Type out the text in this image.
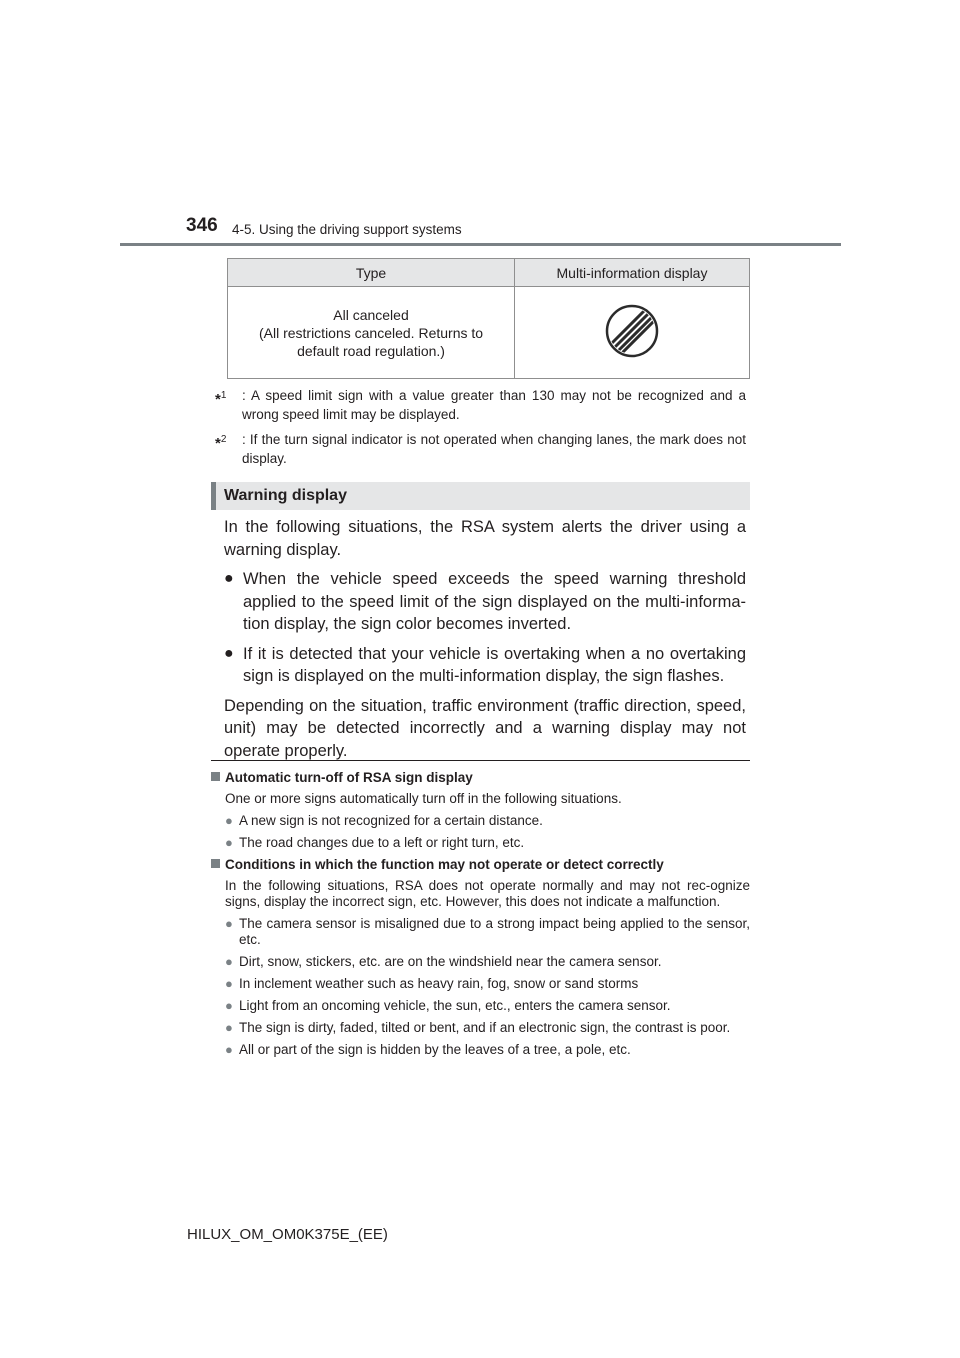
346 4-5. Using the driving support systems
Type	Multi-information display

All canceled
(All restrictions canceled. Returns to
default road regulation.)

*$^1$ : A speed limit sign with a value greater than 130 may not be recognized and a wrong speed limit may be displayed.
*$^2$ : If the turn signal indicator is not operated when changing lanes, the mark does not display.
Warning display

In the following situations, the RSA system alerts the driver using a warning display.

● When the vehicle speed exceeds the speed warning threshold applied to the speed limit of the sign displayed on the multi-informa-tion display, the sign color becomes inverted.
● If it is detected that your vehicle is overtaking when a no overtaking sign is displayed on the multi-information display, the sign flashes.

Depending on the situation, traffic environment (traffic direction, speed, unit) may be detected incorrectly and a warning display may not operate properly.

Automatic turn-off of RSA sign display
One or more signs automatically turn off in the following situations.
● A new sign is not recognized for a certain distance.
● The road changes due to a left or right turn, etc.
Conditions in which the function may not operate or detect correctly
In the following situations, RSA does not operate normally and may not rec-ognize signs, display the incorrect sign, etc. However, this does not indicate a malfunction.
● The camera sensor is misaligned due to a strong impact being applied to the sensor, etc.
● Dirt, snow, stickers, etc. are on the windshield near the camera sensor.
● In inclement weather such as heavy rain, fog, snow or sand storms
● Light from an oncoming vehicle, the sun, etc., enters the camera sensor.
● The sign is dirty, faded, tilted or bent, and if an electronic sign, the contrast is poor.
● All or part of the sign is hidden by the leaves of a tree, a pole, etc.
HILUX_OM_OM0K375E_(EE)
